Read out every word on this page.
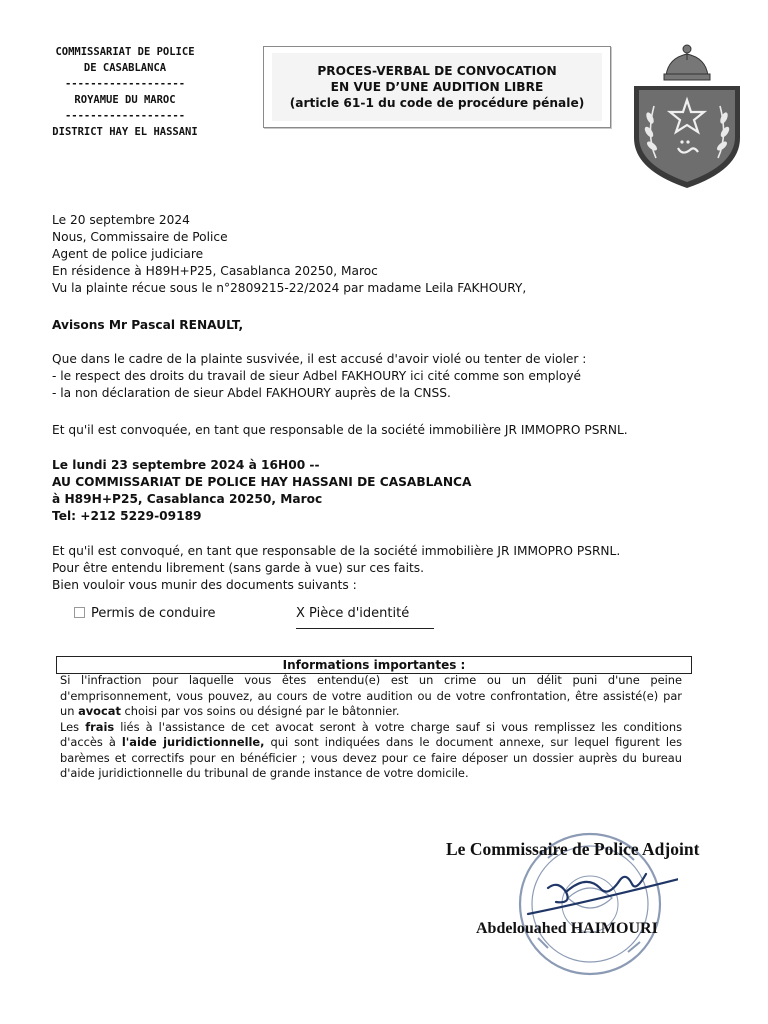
COMMISSARIAT DE POLICE
DE CASABLANCA
-------------------
ROYAMUE DU MAROC
-------------------
DISTRICT HAY EL HASSANI
PROCES-VERBAL DE CONVOCATION
EN VUE D’UNE AUDITION LIBRE
(article 61-1 du code de procédure pénale)
Le 20 septembre 2024
Nous, Commissaire de Police
Agent de police judiciare
En résidence à H89H+P25, Casablanca 20250, Maroc
Vu la plainte récue sous le n°2809215-22/2024 par madame Leila FAKHOURY,
Avisons Mr Pascal RENAULT,
Que dans le cadre de la plainte susvivée, il est accusé d'avoir violé ou tenter de violer :
- le respect des droits du travail de sieur Adbel FAKHOURY ici cité comme son employé
- la non déclaration de sieur Abdel FAKHOURY auprès de la CNSS.
Et qu'il est convoquée, en tant que responsable de la société immobilière JR IMMOPRO PSRNL.
Le lundi 23 septembre 2024 à 16H00 --
AU COMMISSARIAT DE POLICE HAY HASSANI DE CASABLANCA
à H89H+P25, Casablanca 20250, Maroc
Tel: +212 5229-09189
Et qu'il est convoqué, en tant que responsable de la société immobilière JR IMMOPRO PSRNL.
Pour être entendu librement (sans garde à vue) sur ces faits.
Bien vouloir vous munir des documents suivants :
Permis de conduire	X Pièce d'identité
Informations importantes :

Si l'infraction pour laquelle vous êtes entendu(e) est un crime ou un délit puni d'une peine d'emprisonnement, vous pouvez, au cours de votre audition ou de votre confrontation, être assisté(e) par un avocat choisi par vos soins ou désigné par le bâtonnier.

Les frais liés à l'assistance de cet avocat seront à votre charge sauf si vous remplissez les conditions d'accès à l'aide juridictionnelle, qui sont indiquées dans le document annexe, sur lequel figurent les barèmes et correctifs pour en bénéficier ; vous devez pour ce faire déposer un dossier auprès du bureau d'aide juridictionnelle du tribunal de grande instance de votre domicile.

Le Commissaire de Police Adjoint
Abdelouahed HAIMOURI
